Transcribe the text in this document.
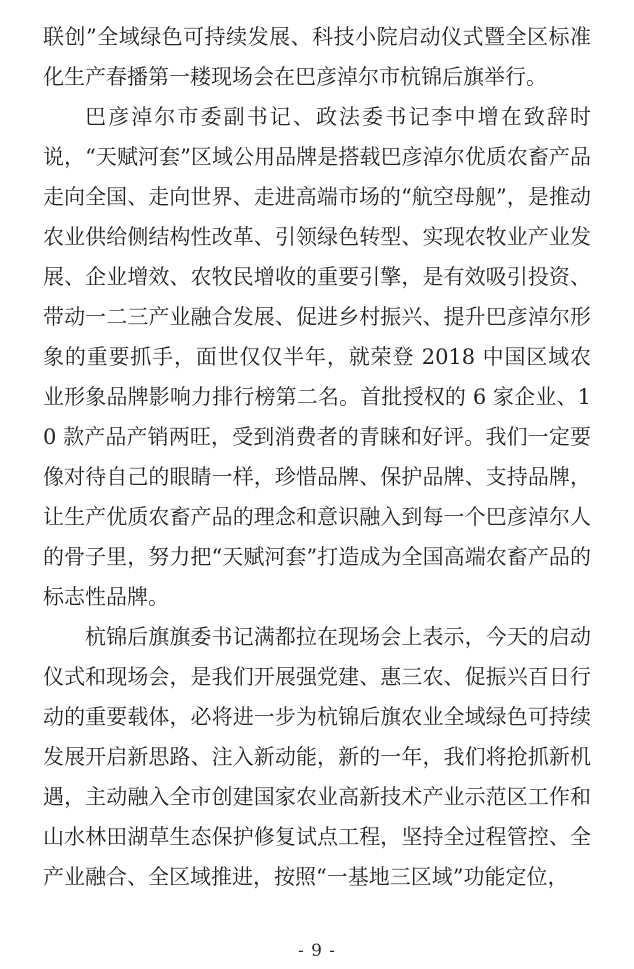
联创”全域绿色可持续发展、科技小院启动仪式暨全区标准化生产春播第一耧现场会在巴彦淖尔市杭锦后旗举行。

巴彦淖尔市委副书记、政法委书记李中增在致辞时说，“天赋河套”区域公用品牌是搭载巴彦淖尔优质农畜产品走向全国、走向世界、走进高端市场的“航空母舰”，是推动农业供给侧结构性改革、引领绿色转型、实现农牧业产业发展、企业增效、农牧民增收的重要引擎，是有效吸引投资、带动一二三产业融合发展、促进乡村振兴、提升巴彦淖尔形象的重要抓手，面世仅仅半年，就荣登 2018 中国区域农业形象品牌影响力排行榜第二名。首批授权的 6 家企业、10 款产品产销两旺，受到消费者的青睐和好评。我们一定要像对待自己的眼睛一样，珍惜品牌、保护品牌、支持品牌，让生产优质农畜产品的理念和意识融入到每一个巴彦淖尔人的骨子里，努力把“天赋河套”打造成为全国高端农畜产品的标志性品牌。

杭锦后旗旗委书记满都拉在现场会上表示，今天的启动仪式和现场会，是我们开展强党建、惠三农、促振兴百日行动的重要载体，必将进一步为杭锦后旗农业全域绿色可持续发展开启新思路、注入新动能，新的一年，我们将抢抓新机遇，主动融入全市创建国家农业高新技术产业示范区工作和山水林田湖草生态保护修复试点工程，坚持全过程管控、全产业融合、全区域推进，按照“一基地三区域”功能定位，

- 9 -
